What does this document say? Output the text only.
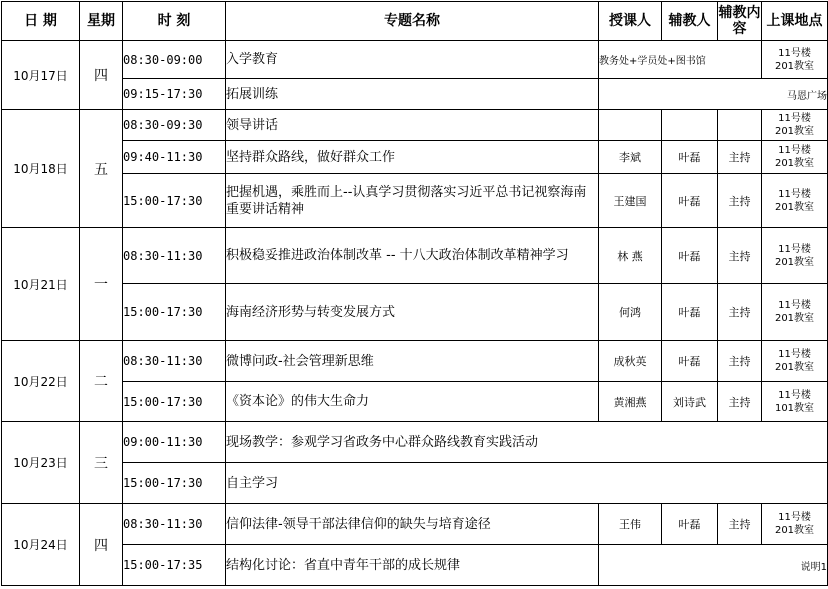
日 期	星期	时 刻	专题名称	授课人	辅教人	辅教内容	上课地点
10月17日	四	08:30-09:00	入学教育	教务处+学员处+图书馆			11号楼
201教室

		09:15-17:30	拓展训练	马恩广场			
10月18日	五	08:30-09:30	领导讲话				11号楼
201教室

		09:40-11:30	坚持群众路线，做好群众工作	李斌	叶磊	主持	11号楼
201教室

		15:00-17:30	把握机遇，乘胜而上--认真学习贯彻落实习近平总书记视察海南重要讲话精神	王建国	叶磊	主持	11号楼
201教室

10月21日	一	08:30-11:30	积极稳妥推进政治体制改革 -- 十八大政治体制改革精神学习	林 燕	叶磊	主持	11号楼
201教室

		15:00-17:30	海南经济形势与转变发展方式	何鸿	叶磊	主持	11号楼
201教室

10月22日	二	08:30-11:30	微博问政-社会管理新思维	成秋英	叶磊	主持	11号楼
201教室

		15:00-17:30	《资本论》的伟大生命力	黄湘燕	刘诗武	主持	11号楼
101教室

10月23日	三	09:00-11:30	现场教学：参观学习省政务中心群众路线教育实践活动				
		15:00-17:30	自主学习				
10月24日	四	08:30-11:30	信仰法律-领导干部法律信仰的缺失与培育途径	王伟	叶磊	主持	11号楼
201教室

		15:00-17:35	结构化讨论：省直中青年干部的成长规律	说明1			
